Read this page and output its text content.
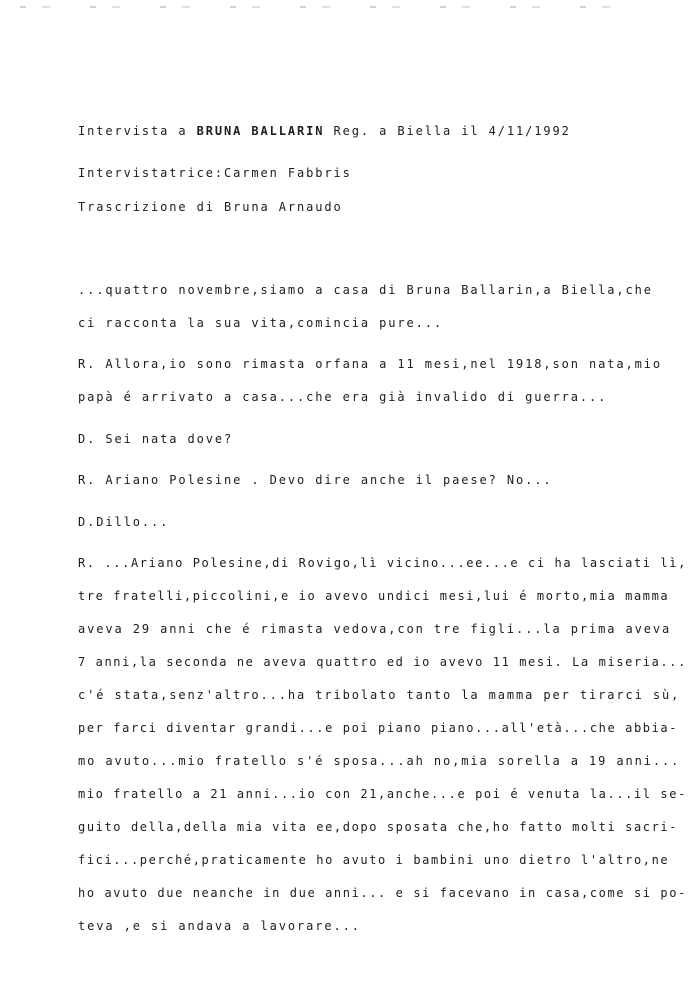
Intervista a BRUNA BALLARIN Reg. a Biella il 4/11/1992
Intervistatrice:Carmen Fabbris
Trascrizione di Bruna Arnaudo
...quattro novembre,siamo a casa di Bruna Ballarin,a Biella,che
ci racconta la sua vita,comincia pure...
R. Allora,io sono rimasta orfana a 11 mesi,nel 1918,son nata,mio
papà é arrivato a casa...che era già invalido di guerra...
D. Sei nata dove?
R. Ariano Polesine . Devo dire anche il paese? No...
D.Dillo...
R. ...Ariano Polesine,di Rovigo,lì vicino...ee...e ci ha lasciati lì,
tre fratelli,piccolini,e io avevo undici mesi,lui é morto,mia mamma
aveva 29 anni che é rimasta vedova,con tre figli...la prima aveva
7 anni,la seconda ne aveva quattro ed io avevo 11 mesi. La miseria...
c'é stata,senz'altro...ha tribolato tanto la mamma per tirarci sù,
per farci diventar grandi...e poi piano piano...all'età...che abbia-
mo avuto...mio fratello s'é sposa...ah no,mia sorella a 19 anni...
mio fratello a 21 anni...io con 21,anche...e poi é venuta la...il se-
guito della,della mia vita ee,dopo sposata che,ho fatto molti sacri-
fici...perché,praticamente ho avuto i bambini uno dietro l'altro,ne
ho avuto due neanche in due anni... e si facevano in casa,come si po-
teva ,e si andava a lavorare...
